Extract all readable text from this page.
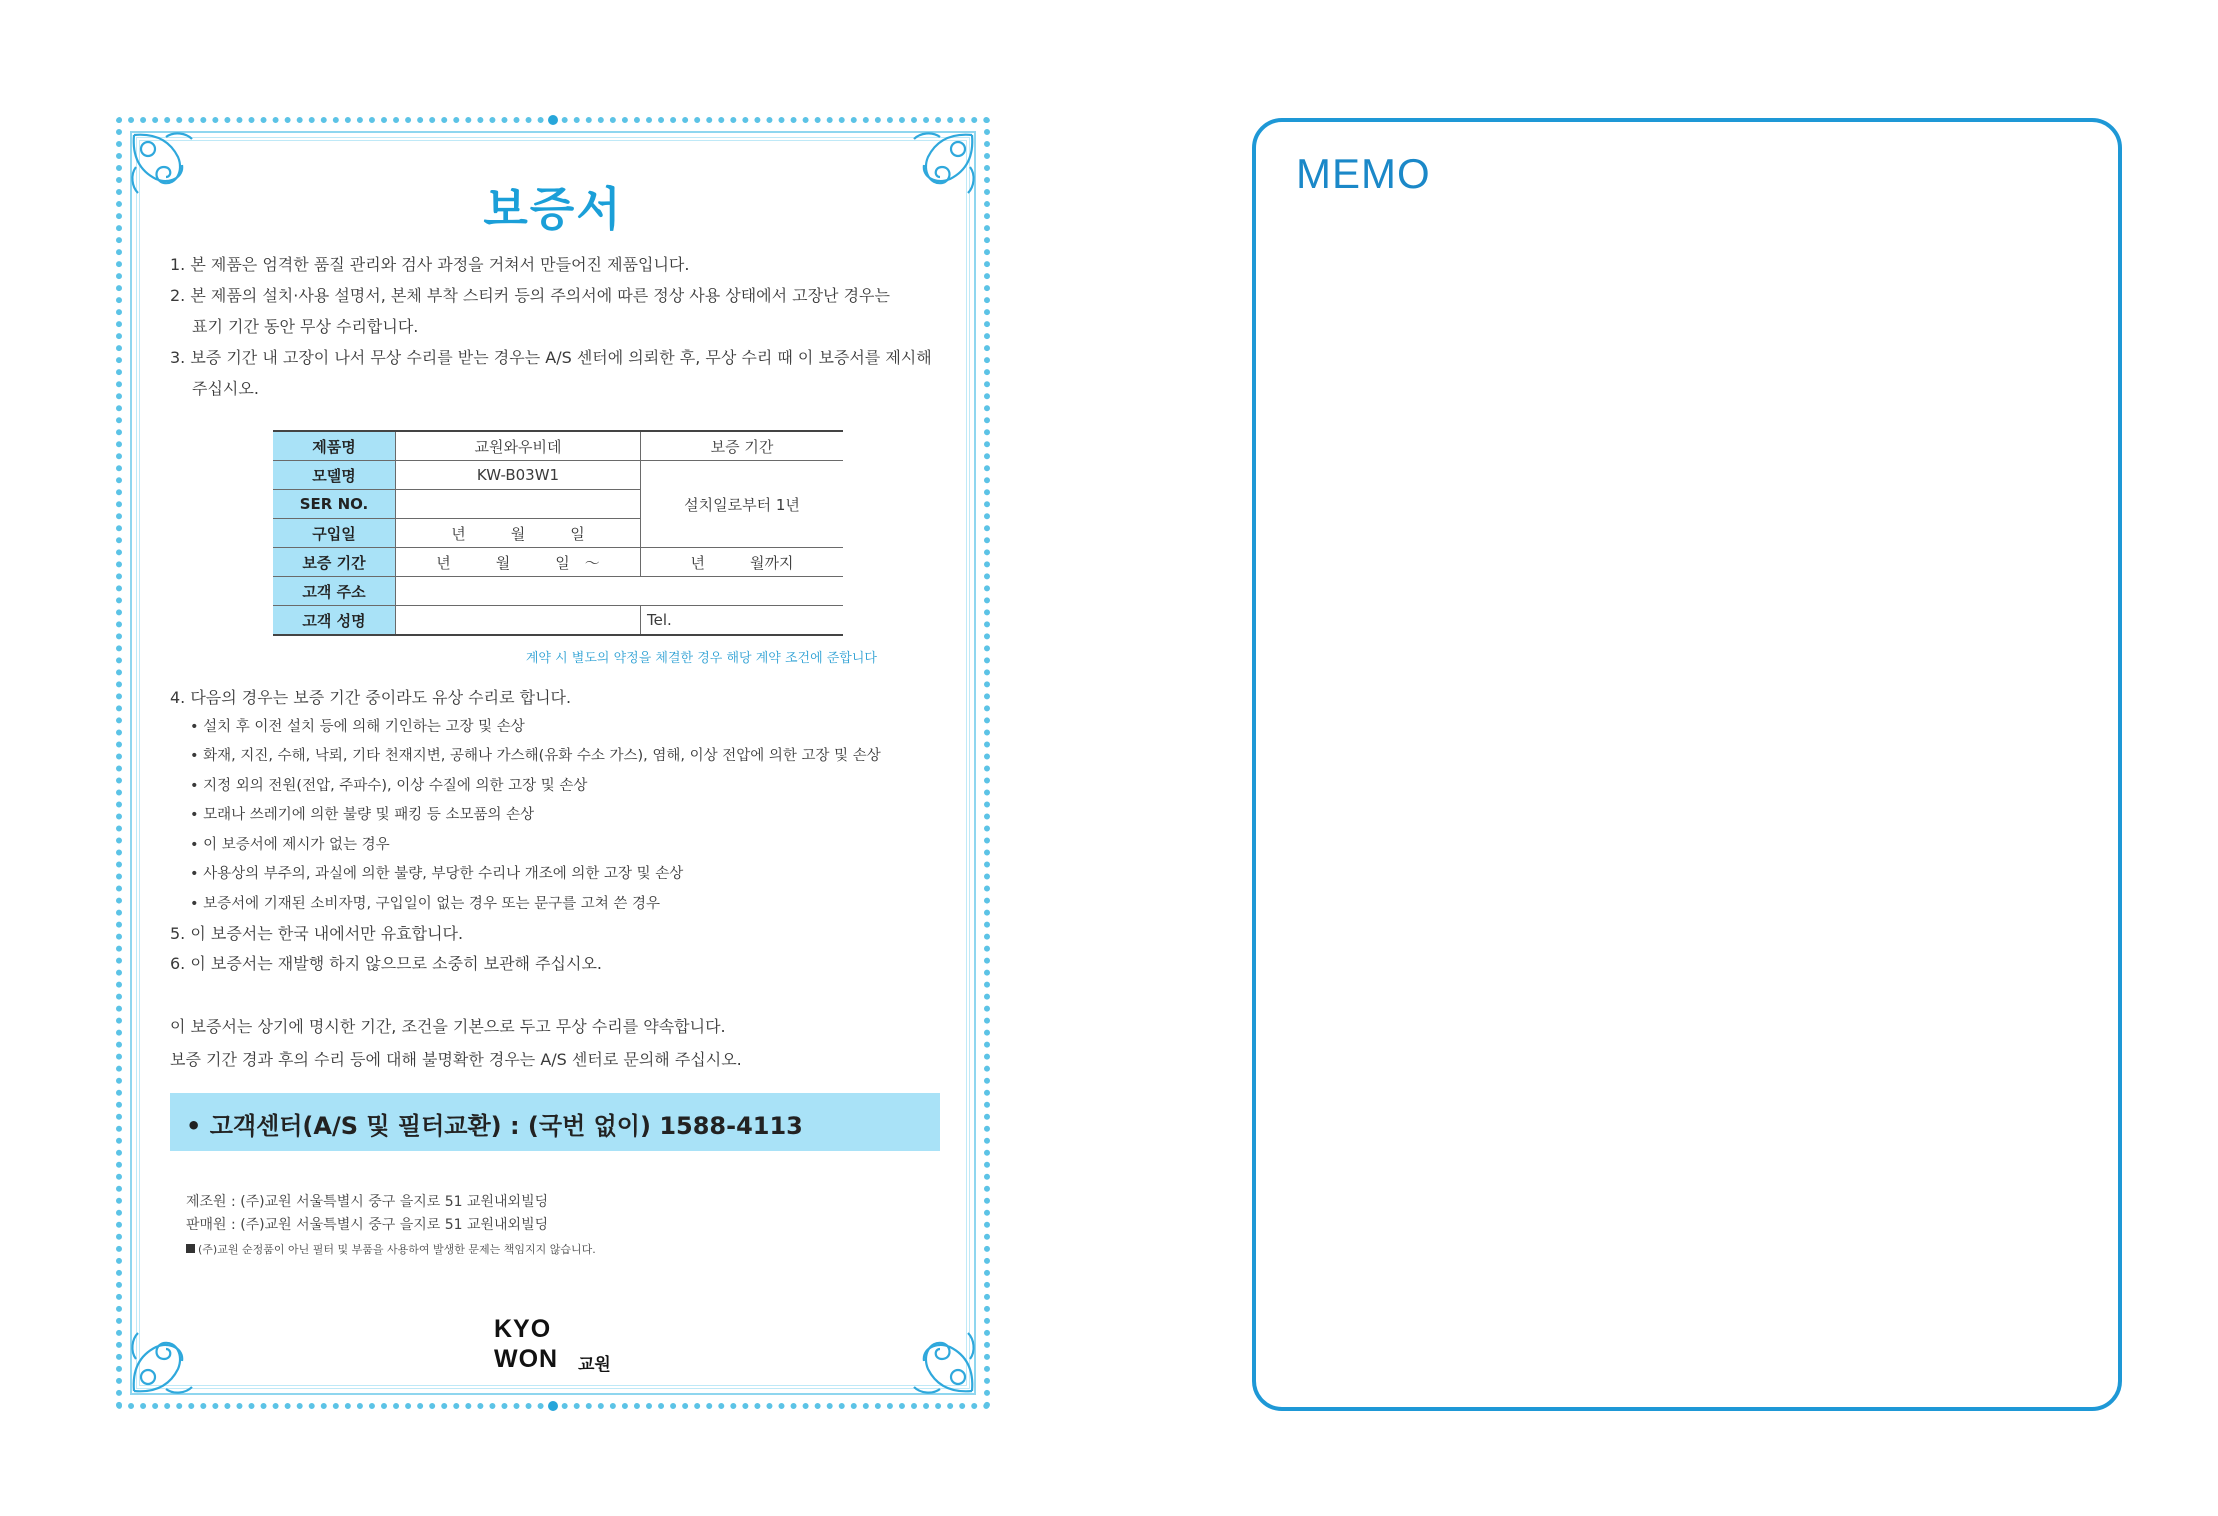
보증서
1. 본 제품은 엄격한 품질 관리와 검사 과정을 거쳐서 만들어진 제품입니다.
2. 본 제품의 설치·사용 설명서, 본체 부착 스티커 등의 주의서에 따른 정상 사용 상태에서 고장난 경우는
표기 기간 동안 무상 수리합니다.
3. 보증 기간 내 고장이 나서 무상 수리를 받는 경우는 A/S 센터에 의뢰한 후, 무상 수리 때 이 보증서를 제시해
주십시오.
제품명	교원와우비데	보증 기간
모델명	KW-B03W1	설치일로부터 1년
SER NO.		
구입일	년　　　월　　　일	
보증 기간	년　　　월　　　일　～	년　　　월까지
고객 주소		
고객 성명		Tel.
계약 시 별도의 약정을 체결한 경우 해당 계약 조건에 준합니다
4. 다음의 경우는 보증 기간 중이라도 유상 수리로 합니다.
• 설치 후 이전 설치 등에 의해 기인하는 고장 및 손상
• 화재, 지진, 수해, 낙뢰, 기타 천재지변, 공해나 가스해(유화 수소 가스), 염해, 이상 전압에 의한 고장 및 손상
• 지정 외의 전원(전압, 주파수), 이상 수질에 의한 고장 및 손상
• 모래나 쓰레기에 의한 불량 및 패킹 등 소모품의 손상
• 이 보증서에 제시가 없는 경우
• 사용상의 부주의, 과실에 의한 불량, 부당한 수리나 개조에 의한 고장 및 손상
• 보증서에 기재된 소비자명, 구입일이 없는 경우 또는 문구를 고쳐 쓴 경우
5. 이 보증서는 한국 내에서만 유효합니다.
6. 이 보증서는 재발행 하지 않으므로 소중히 보관해 주십시오.
이 보증서는 상기에 명시한 기간, 조건을 기본으로 두고 무상 수리를 약속합니다.
보증 기간 경과 후의 수리 등에 대해 불명확한 경우는 A/S 센터로 문의해 주십시오.
• 고객센터(A/S 및 필터교환) : (국번 없이) 1588-4113
제조원 : (주)교원 서울특별시 중구 을지로 51 교원내외빌딩
판매원 : (주)교원 서울특별시 중구 을지로 51 교원내외빌딩
(주)교원 순정품이 아닌 필터 및 부품을 사용하여 발생한 문제는 책임지지 않습니다.
KYO
WON 교원
MEMO
